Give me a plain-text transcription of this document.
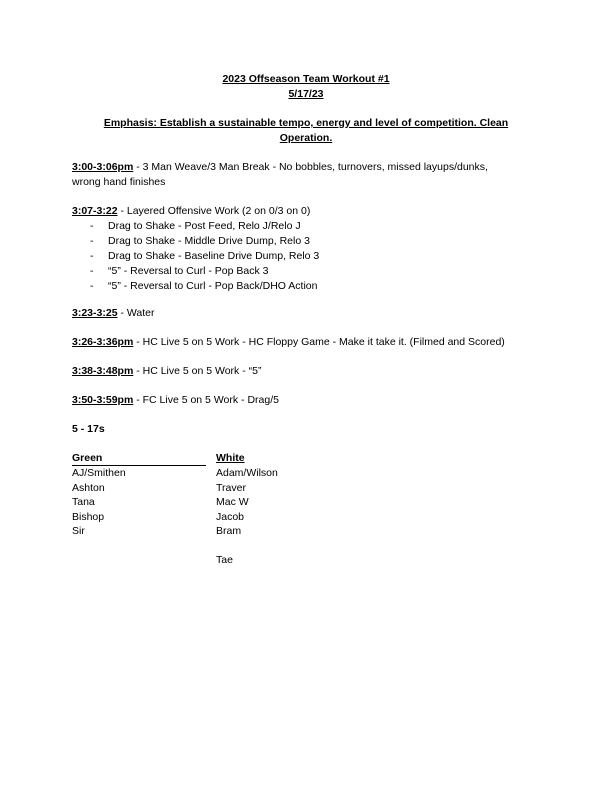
2023 Offseason Team Workout #1
5/17/23
Emphasis: Establish a sustainable tempo, energy and level of competition. Clean
Operation.
3:00-3:06pm - 3 Man Weave/3 Man Break - No bobbles, turnovers, missed layups/dunks,
wrong hand finishes
3:07-3:22 - Layered Offensive Work (2 on 0/3 on 0)
- Drag to Shake - Post Feed, Relo J/Relo J
- Drag to Shake - Middle Drive Dump, Relo 3
- Drag to Shake - Baseline Drive Dump, Relo 3
- “5” - Reversal to Curl - Pop Back 3
- “5” - Reversal to Curl - Pop Back/DHO Action
3:23-3:25 - Water
3:26-3:36pm - HC Live 5 on 5 Work - HC Floppy Game - Make it take it. (Filmed and Scored)
3:38-3:48pm - HC Live 5 on 5 Work - “5”
3:50-3:59pm - FC Live 5 on 5 Work - Drag/5
5 - 17s
Green	White
AJ/Smithen
Ashton
Tana
Bishop
Sir
Adam/Wilson
Traver
Mac W
Jacob
Bram
Tae
